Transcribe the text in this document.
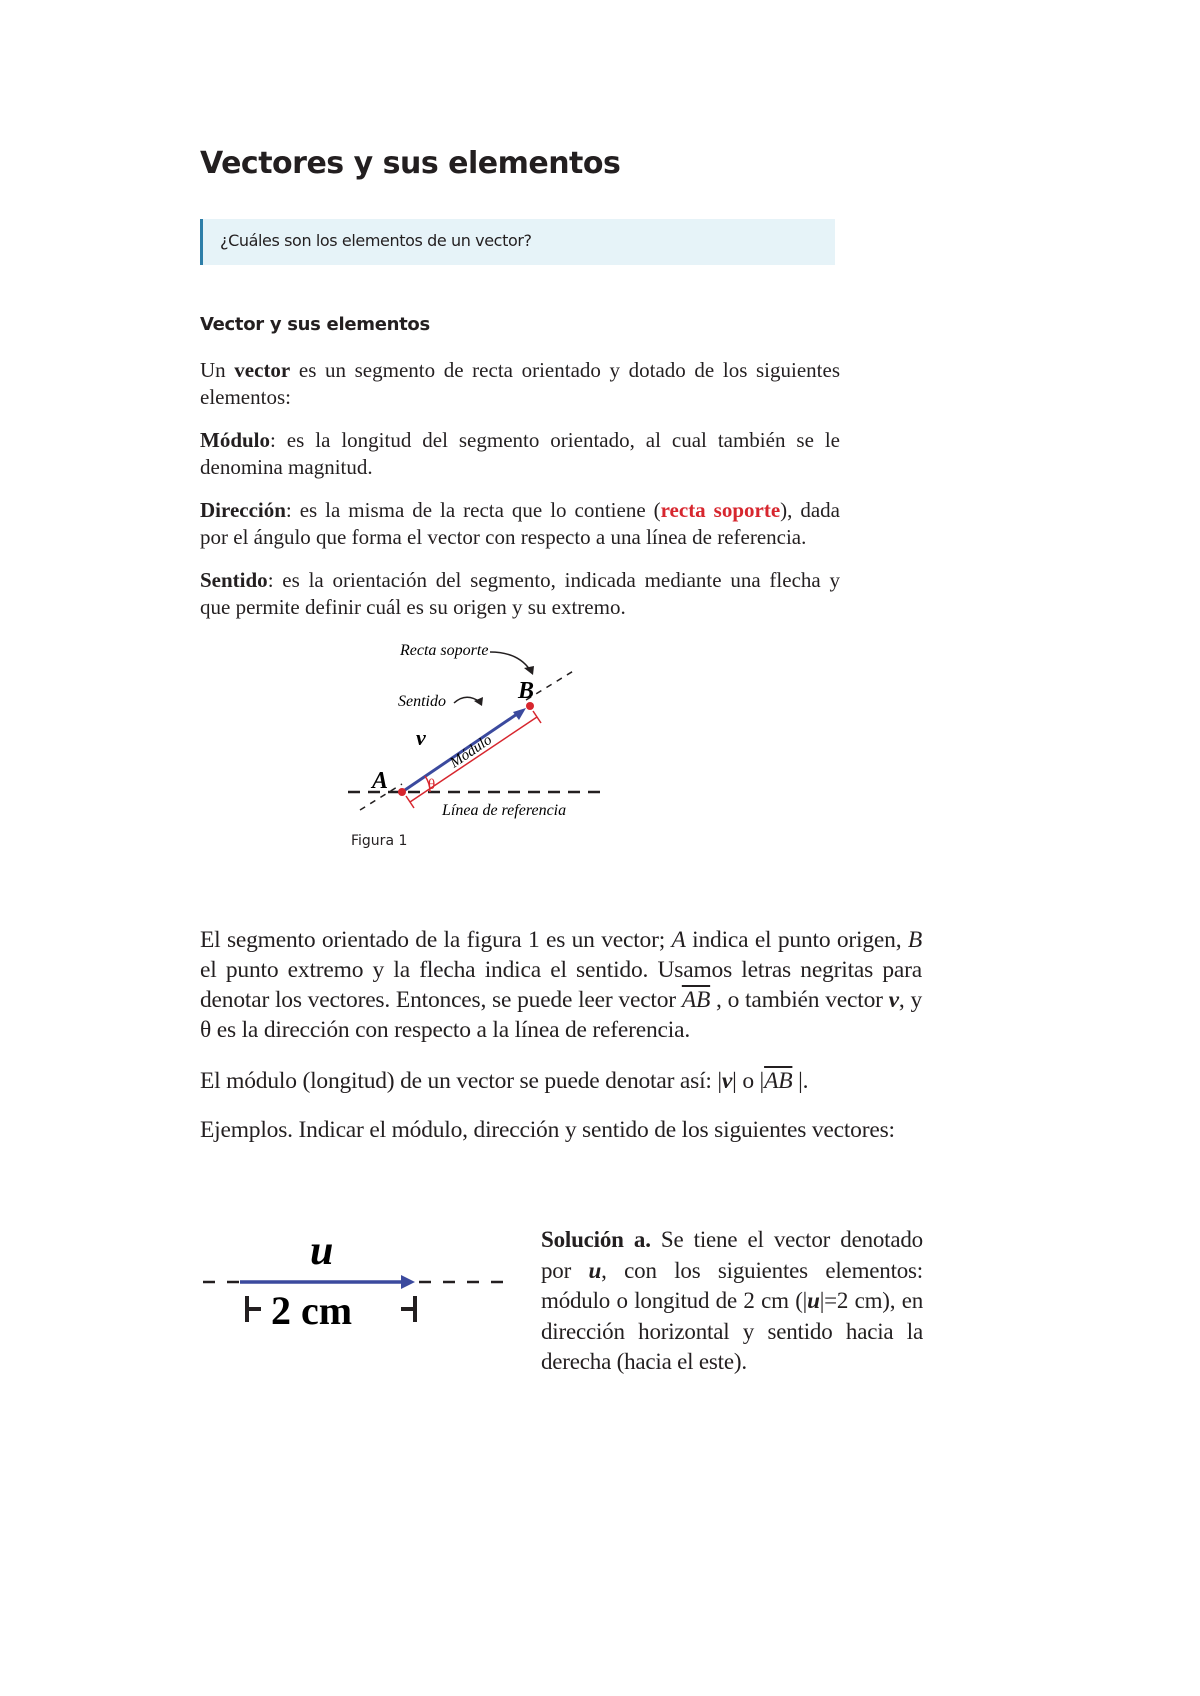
Vectores y sus elementos
¿Cuáles son los elementos de un vector?
Vector y sus elementos
Un vector es un segmento de recta orientado y dotado de los siguientes elementos:
Módulo: es la longitud del segmento orientado, al cual también se le denomina magnitud.
Dirección: es la misma de la recta que lo contiene (recta soporte), dada por el ángulo que forma el vector con respecto a una línea de referencia.
Sentido: es la orientación del segmento, indicada mediante una flecha y que permite definir cuál es su origen y su extremo.
Recta soporte
Sentido	B
v Módulo
A	θ
Línea de referencia
Figura 1
El segmento orientado de la figura 1 es un vector; A indica el punto origen, B el punto extremo y la flecha indica el sentido. Usamos letras negritas para denotar los vectores. Entonces, se puede leer vector $\overline{AB}$ , o también vector v, y θ es la dirección con respecto a la línea de referencia.
El módulo (longitud) de un vector se puede denotar así: |v| o $|\overline{AB}$ |.
Ejemplos. Indicar el módulo, dirección y sentido de los siguientes vectores:
u
2 cm
Solución a. Se tiene el vector denotado por u, con los siguientes elementos: módulo o longitud de 2 cm (|u|=2 cm), en dirección horizontal y sentido hacia la derecha (hacia el este).
